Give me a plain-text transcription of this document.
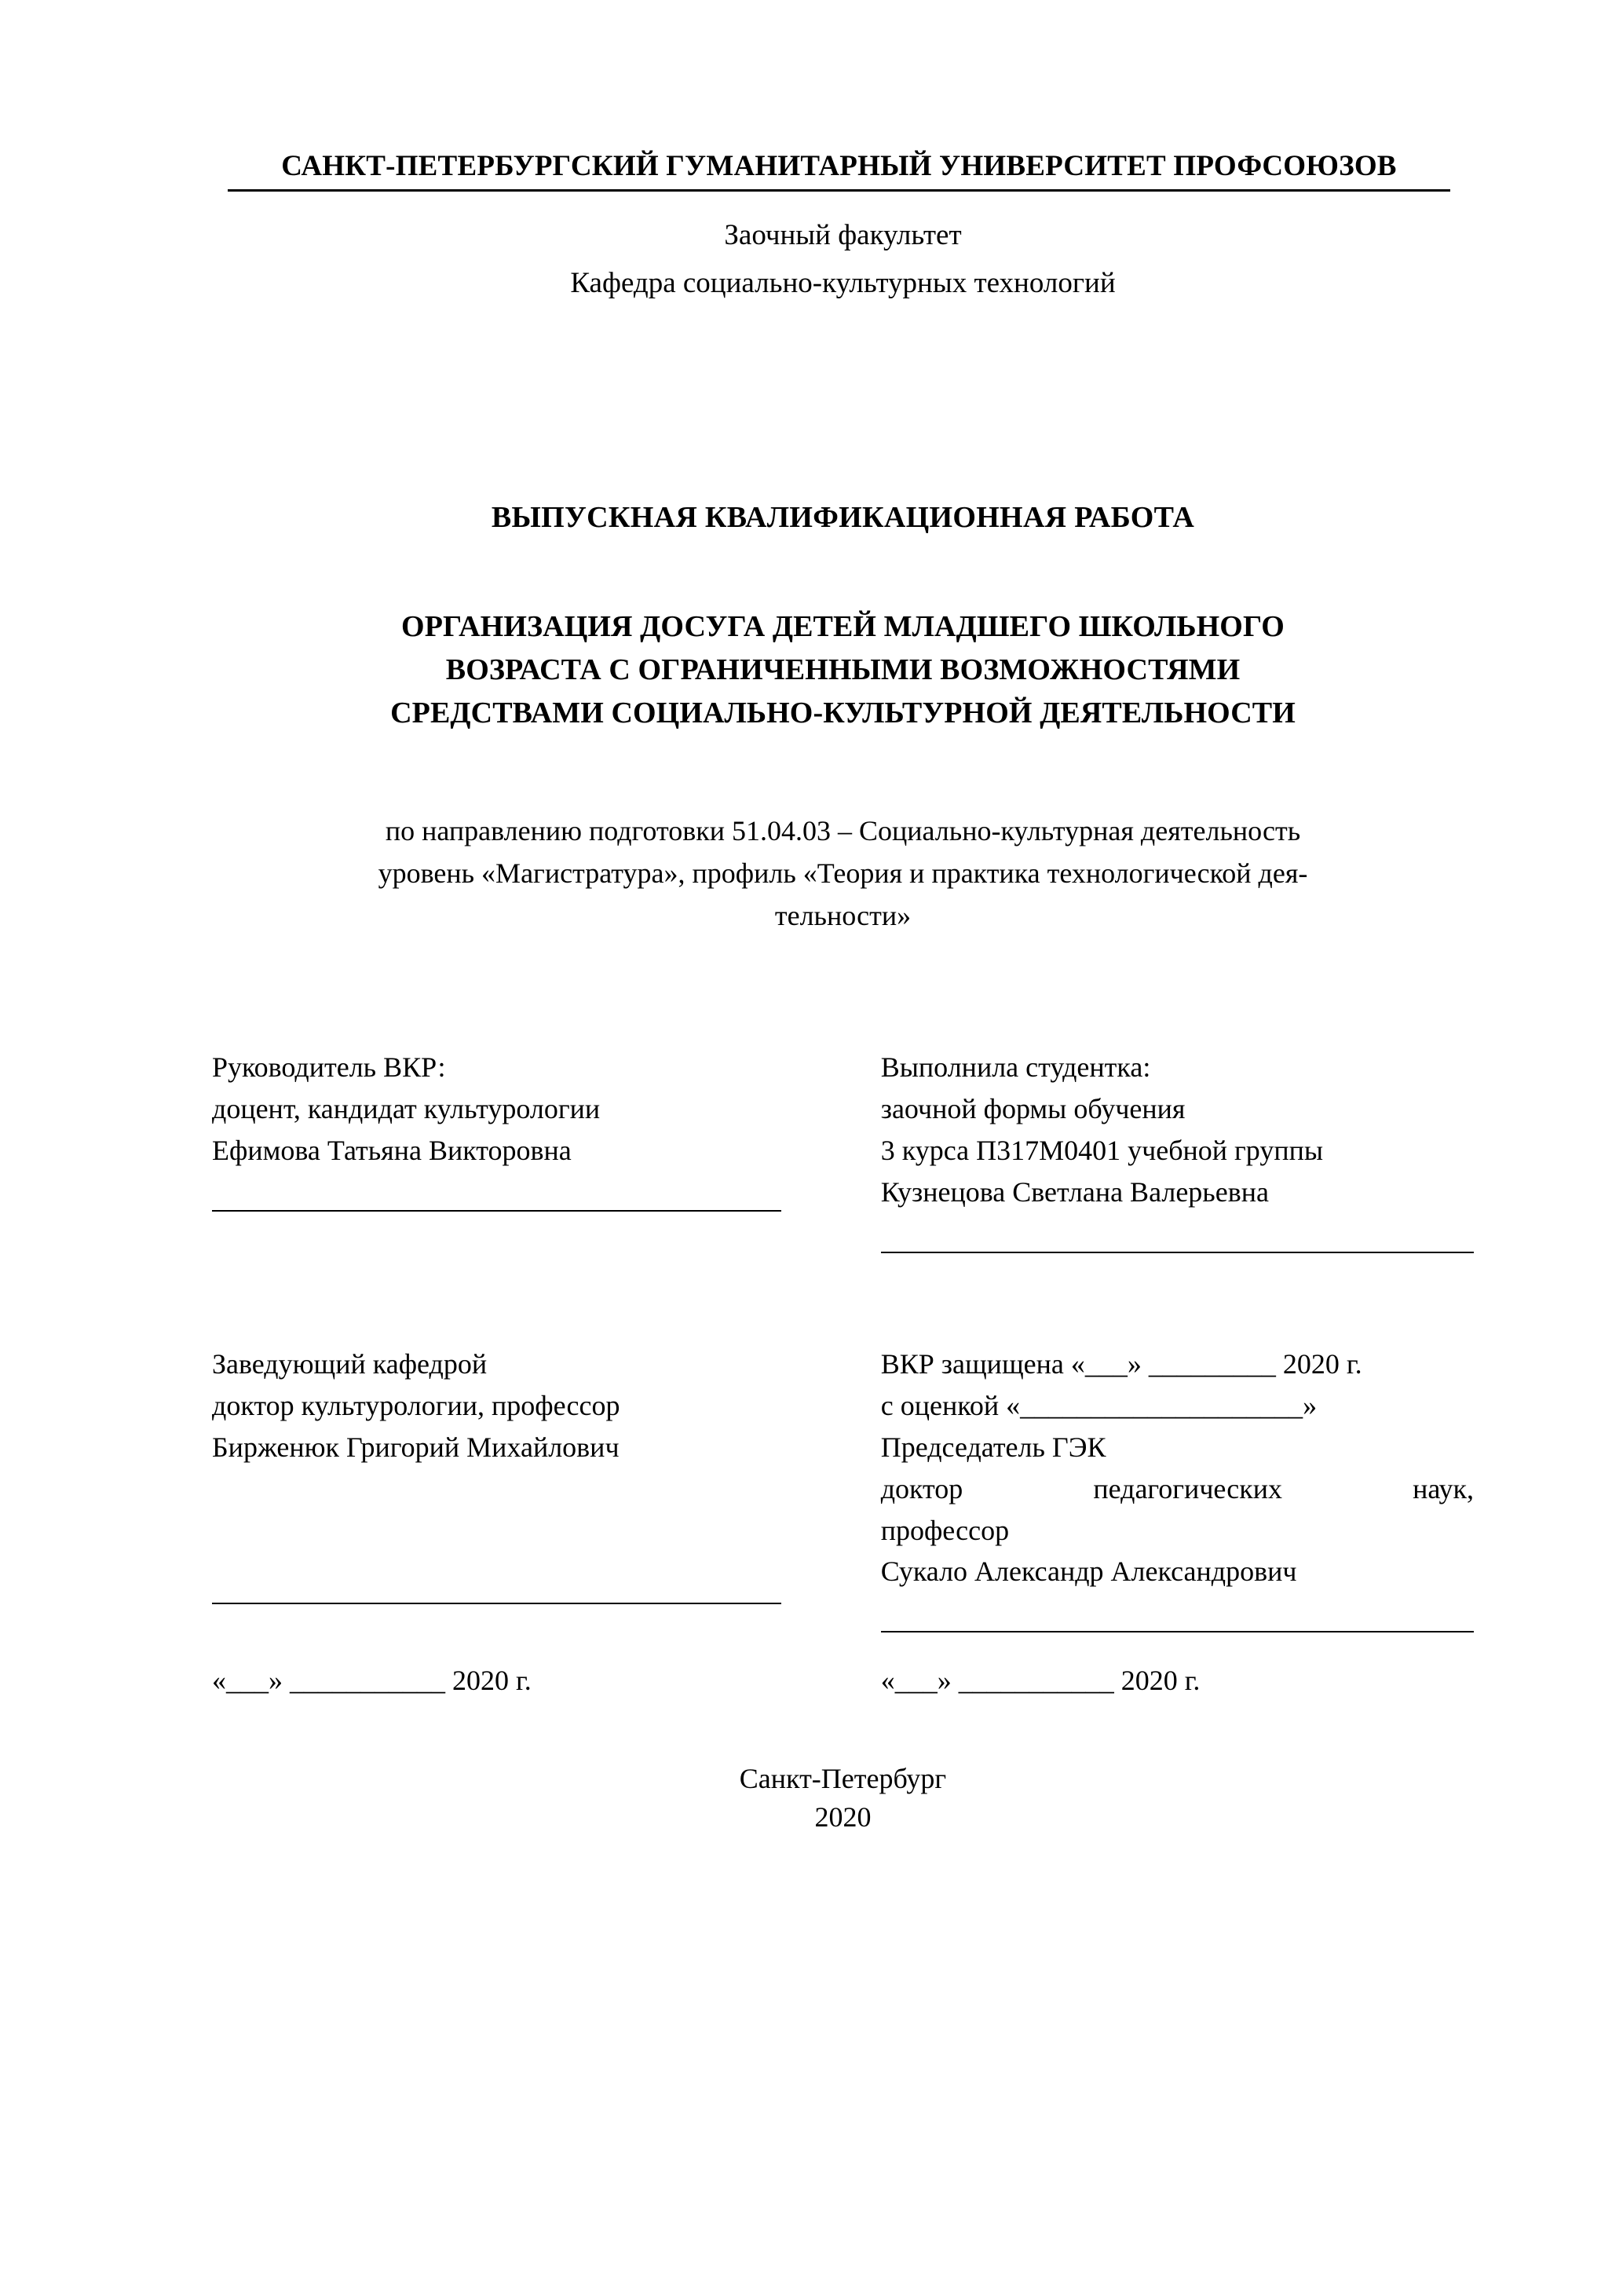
САНКТ-ПЕТЕРБУРГСКИЙ ГУМАНИТАРНЫЙ УНИВЕРСИТЕТ ПРОФСОЮЗОВ
Заочный факультет
Кафедра социально-культурных технологий
ВЫПУСКНАЯ КВАЛИФИКАЦИОННАЯ РАБОТА
ОРГАНИЗАЦИЯ ДОСУГА ДЕТЕЙ МЛАДШЕГО ШКОЛЬНОГО
ВОЗРАСТА С ОГРАНИЧЕННЫМИ ВОЗМОЖНОСТЯМИ
СРЕДСТВАМИ СОЦИАЛЬНО-КУЛЬТУРНОЙ ДЕЯТЕЛЬНОСТИ
по направлению подготовки 51.04.03 – Социально-культурная деятельность
уровень «Магистратура», профиль «Теория и практика технологической дея-
тельности»
Руководитель ВКР:
доцент, кандидат культурологии
Ефимова Татьяна Викторовна
Выполнила студентка:
заочной формы обучения
3 курса П317М0401 учебной группы
Кузнецова Светлана Валерьевна
Заведующий кафедрой
доктор культурологии, профессор
Бирженюк Григорий Михайлович
ВКР защищена «___» _________ 2020 г.
с оценкой «____________________»
Председатель ГЭК
доктор	педагогических	наук,
профессор
Сукало Александр Александрович
«___» ___________ 2020 г.	«___» ___________ 2020 г.
Санкт-Петербург
2020
